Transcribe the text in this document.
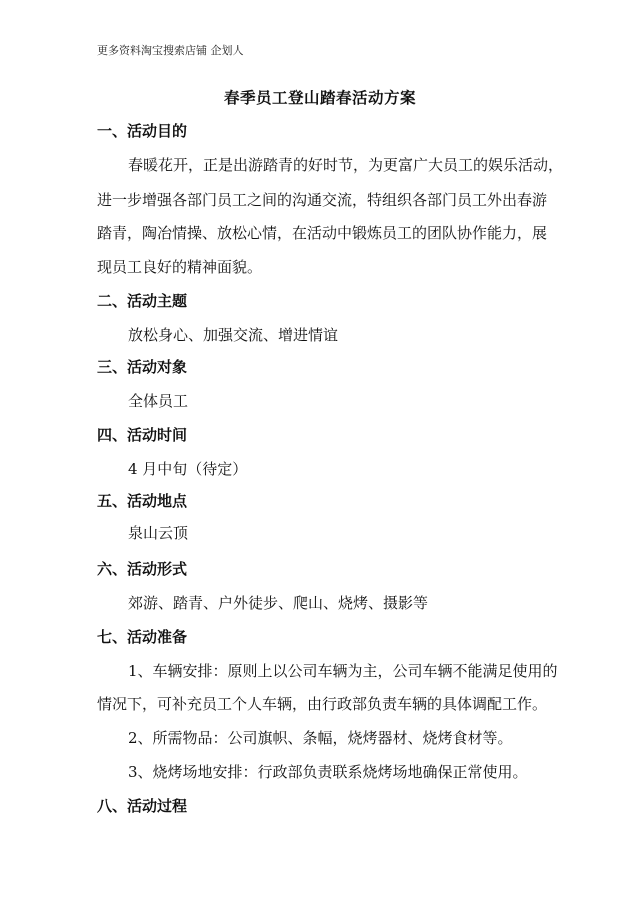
更多资料淘宝搜索店铺 企划人
春季员工登山踏春活动方案
一、活动目的
春暖花开，正是出游踏青的好时节，为更富广大员工的娱乐活动，
进一步增强各部门员工之间的沟通交流，特组织各部门员工外出春游
踏青，陶冶情操、放松心情，在活动中锻炼员工的团队协作能力，展
现员工良好的精神面貌。
二、活动主题
放松身心、加强交流、增进情谊
三、活动对象
全体员工
四、活动时间
4 月中旬（待定）
五、活动地点
泉山云顶
六、活动形式
郊游、踏青、户外徒步、爬山、烧烤、摄影等
七、活动准备
1、车辆安排：原则上以公司车辆为主，公司车辆不能满足使用的
情况下，可补充员工个人车辆，由行政部负责车辆的具体调配工作。
2、所需物品：公司旗帜、条幅，烧烤器材、烧烤食材等。
3、烧烤场地安排：行政部负责联系烧烤场地确保正常使用。
八、活动过程
